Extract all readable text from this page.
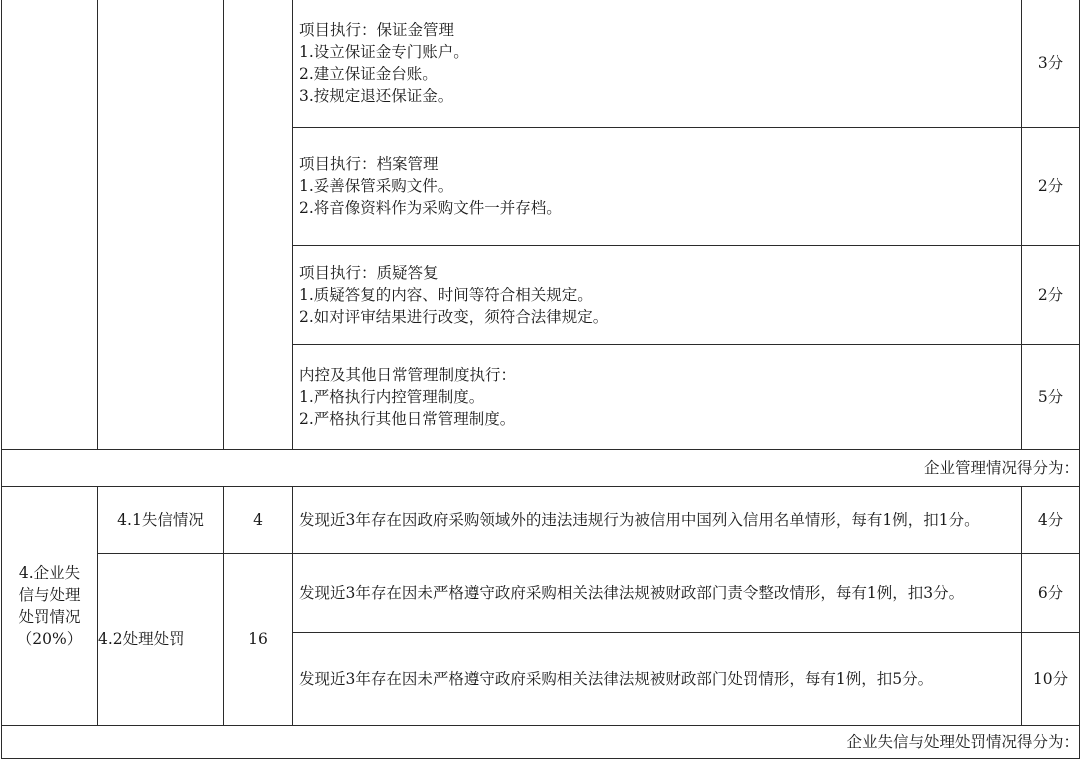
			项目执行：保证金管理
1.设立保证金专门账户。
2.建立保证金台账。
3.按规定退还保证金。	3分

			项目执行：档案管理
1.妥善保管采购文件。
2.将音像资料作为采购文件一并存档。	2分

			项目执行：质疑答复
1.质疑答复的内容、时间等符合相关规定。
2.如对评审结果进行改变，须符合法律规定。	2分

			内控及其他日常管理制度执行：
1.严格执行内控管理制度。
2.严格执行其他日常管理制度。	5分
企业管理情况得分为：				

4.企业失
信与处理
处罚情况
（20%）	4.1失信情况	4	发现近3年存在因政府采购领域外的违法违规行为被信用中国列入信用名单情形，每有1例，扣1分。	4分
	4.2处理处罚	16	发现近3年存在因未严格遵守政府采购相关法律法规被财政部门责令整改情形，每有1例，扣3分。	6分

			发现近3年存在因未严格遵守政府采购相关法律法规被财政部门处罚情形，每有1例，扣5分。	10分
企业失信与处理处罚情况得分为：				
